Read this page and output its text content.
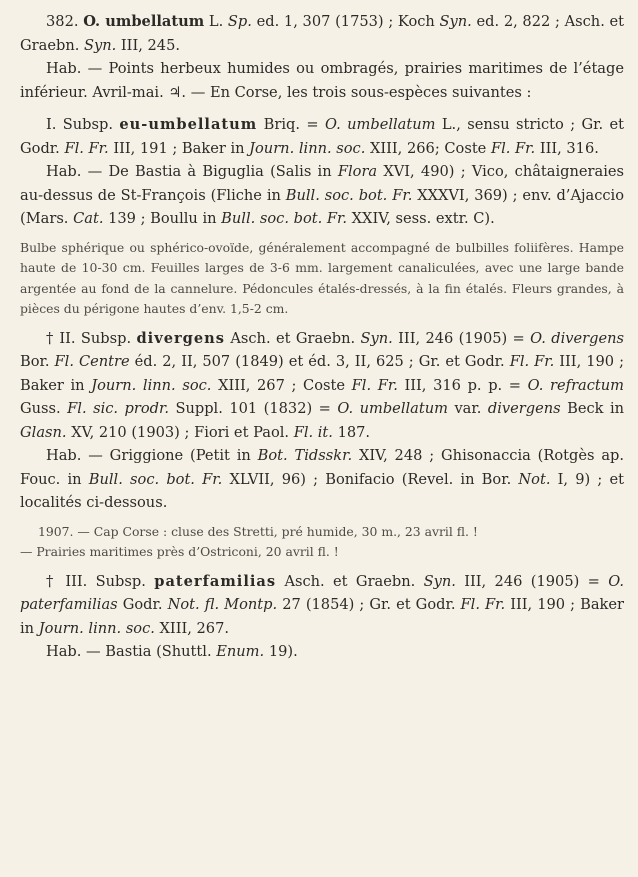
382. O. umbellatum L. Sp. ed. 1, 307 (1753) ; Koch Syn. ed. 2, 822 ; Asch. et Graebn. Syn. III, 245.

Hab. — Points herbeux humides ou ombragés, prairies maritimes de l’étage inférieur. Avril-mai. ♃. — En Corse, les trois sous-espèces suivantes :

I. Subsp. eu-umbellatum Briq. = O. umbellatum L., sensu stricto ; Gr. et Godr. Fl. Fr. III, 191 ; Baker in Journ. linn. soc. XIII, 266; Coste Fl. Fr. III, 316.

Hab. — De Bastia à Biguglia (Salis in Flora XVI, 490) ; Vico, châtaigneraies au-dessus de St-François (Fliche in Bull. soc. bot. Fr. XXXVI, 369) ; env. d’Ajaccio (Mars. Cat. 139 ; Boullu in Bull. soc. bot. Fr. XXIV, sess. extr. C).

Bulbe sphérique ou sphérico-ovoïde, généralement accompagné de bulbilles foliifères. Hampe haute de 10-30 cm. Feuilles larges de 3-6 mm. largement canaliculées, avec une large bande argentée au fond de la cannelure. Pédoncules étalés-dressés, à la fin étalés. Fleurs grandes, à pièces du périgone hautes d’env. 1,5-2 cm.

† II. Subsp. divergens Asch. et Graebn. Syn. III, 246 (1905) = O. divergens Bor. Fl. Centre éd. 2, II, 507 (1849) et éd. 3, II, 625 ; Gr. et Godr. Fl. Fr. III, 190 ; Baker in Journ. linn. soc. XIII, 267 ; Coste Fl. Fr. III, 316 p. p. = O. refractum Guss. Fl. sic. prodr. Suppl. 101 (1832) = O. umbellatum var. divergens Beck in Glasn. XV, 210 (1903) ; Fiori et Paol. Fl. it. 187.

Hab. — Griggione (Petit in Bot. Tidsskr. XIV, 248 ; Ghisonaccia (Rotgès ap. Fouc. in Bull. soc. bot. Fr. XLVII, 96) ; Bonifacio (Revel. in Bor. Not. I, 9) ; et localités ci-dessous.

1907. — Cap Corse : cluse des Stretti, pré humide, 30 m., 23 avril fl. !
— Prairies maritimes près d’Ostriconi, 20 avril fl. !

† III. Subsp. paterfamilias Asch. et Graebn. Syn. III, 246 (1905) = O. paterfamilias Godr. Not. fl. Montp. 27 (1854) ; Gr. et Godr. Fl. Fr. III, 190 ; Baker in Journ. linn. soc. XIII, 267.

Hab. — Bastia (Shuttl. Enum. 19).
